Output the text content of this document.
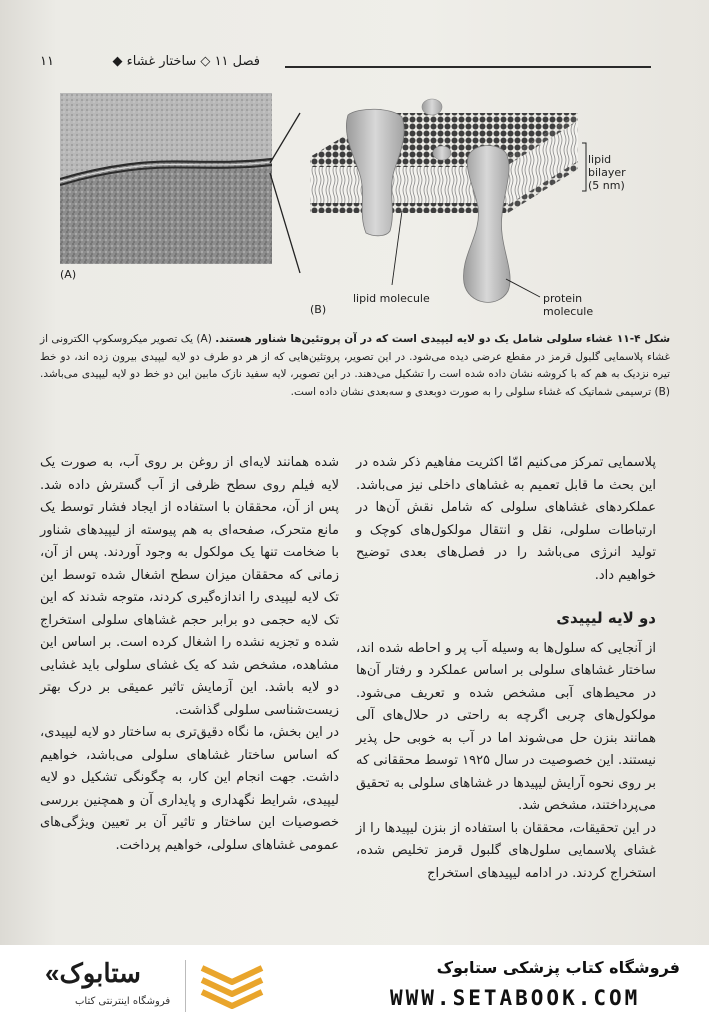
۱۱	فصل ۱۱ ◇ ساختار غشاء ◆
(A)
(B)
lipid
bilayer
(5 nm)
lipid molecule	protein
molecule
شکل ۴-۱۱ غشاء سلولی شامل یک دو لایه لیپیدی است که در آن پروتئین‌ها شناور هستند. (A) یک تصویر میکروسکوپ الکترونی از غشاء پلاسمایی گلبول قرمز در مقطع عرضی دیده می‌شود. در این تصویر، پروتئین‌هایی که از هر دو طرف دو لایه لیپیدی بیرون زده اند، دو خط تیره نزدیک به هم که با کروشه نشان داده شده است را تشکیل می‌دهند. در این تصویر، لایه سفید نازک مابین این دو خط دو لایه لیپیدی می‌باشد. (B) ترسیمی شماتیک که غشاء سلولی را به صورت دوبعدی و سه‌بعدی نشان داده است.

پلاسمایی تمرکز می‌کنیم امّا اکثریت مفاهیم ذکر شده در این بحث ما قابل تعمیم به غشاهای داخلی نیز می‌باشد. عملکردهای غشاهای سلولی که شامل نقش آن‌ها در ارتباطات سلولی، نقل و انتقال مولکول‌های کوچک و تولید انرژی می‌باشد را در فصل‌های بعدی توضیح خواهیم داد.

دو لایه لیپیدی

از آنجایی که سلول‌ها به وسیله آب پر و احاطه شده اند، ساختار غشاهای سلولی بر اساس عملکرد و رفتار آن‌ها در محیط‌های آبی مشخص شده و تعریف می‌شود. مولکول‌های چربی اگرچه به راحتی در حلال‌های آلی همانند بنزن حل می‌شوند اما در آب به خوبی حل پذیر نیستند. این خصوصیت در سال ۱۹۲۵ توسط محققانی که بر روی نحوه آرایش لیپیدها در غشاهای سلولی به تحقیق می‌پرداختند، مشخص شد.

در این تحقیقات، محققان با استفاده از بنزن لیپیدها را از غشای پلاسمایی سلول‌های گلبول قرمز تخلیص شده، استخراج کردند. در ادامه لیپیدهای استخراج

شده همانند لایه‌ای از روغن بر روی آب، به صورت یک لایه فیلم روی سطح ظرفی از آب گسترش داده شد. پس از آن، محققان با استفاده از ایجاد فشار توسط یک مانع متحرک، صفحه‌ای به هم پیوسته از لیپیدهای شناور با ضخامت تنها یک مولکول به وجود آوردند. پس از آن، زمانی که محققان میزان سطح اشغال شده توسط این تک لایه لیپیدی را اندازه‌گیری کردند، متوجه شدند که این تک لایه حجمی دو برابر حجم غشاهای سلولی استخراج شده و تجزیه نشده را اشغال کرده است. بر اساس این مشاهده، مشخص شد که یک غشای سلولی باید غشایی دو لایه باشد. این آزمایش تاثیر عمیقی بر درک بهتر زیست‌شناسی سلولی گذاشت.

در این بخش، ما نگاه دقیق‌تری به ساختار دو لایه لیپیدی، که اساس ساختار غشاهای سلولی می‌باشد، خواهیم داشت. جهت انجام این کار، به چگونگی تشکیل دو لایه لیپیدی، شرایط نگهداری و پایداری آن و همچنین بررسی خصوصیات این ساختار و تاثیر آن بر تعیین ویژگی‌های عمومی غشاهای سلولی، خواهیم پرداخت.

فروشگاه کتاب پزشکی ستابوک
WWW.SETABOOK.COM
«ستابوک
فروشگاه اینترنتی کتاب
